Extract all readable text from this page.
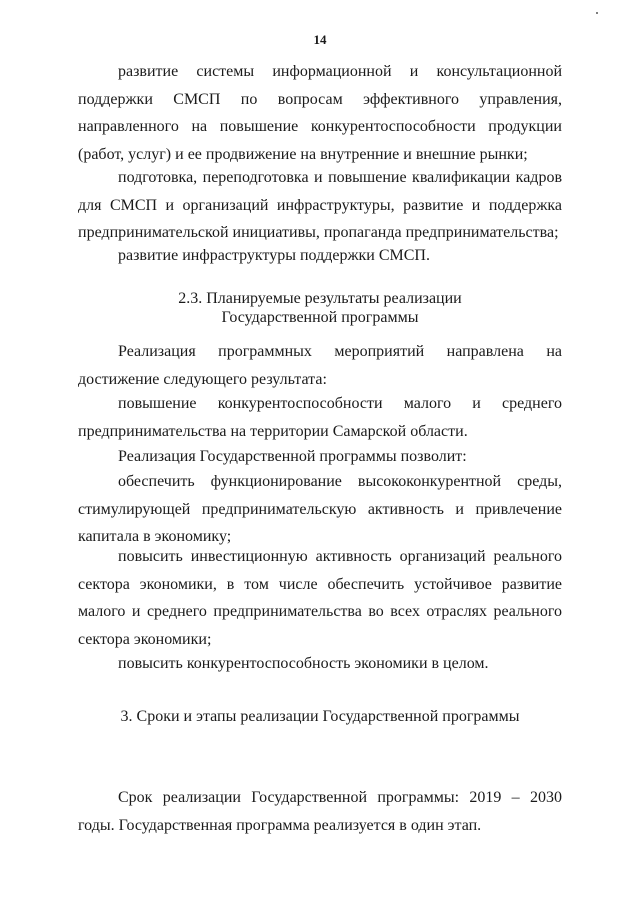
14

развитие системы информационной и консультационной поддержки СМСП по вопросам эффективного управления, направленного на повышение конкурентоспособности продукции (работ, услуг) и ее продвижение на внутренние и внешние рынки;

подготовка, переподготовка и повышение квалификации кадров для СМСП и организаций инфраструктуры, развитие и поддержка предпринимательской инициативы, пропаганда предпринимательства;

развитие инфраструктуры поддержки СМСП.

2.3. Планируемые результаты реализации

Государственной программы

Реализация программных мероприятий направлена на достижение следующего результата:

повышение конкурентоспособности малого и среднего предпринимательства на территории Самарской области.

Реализация Государственной программы позволит:

обеспечить функционирование высококонкурентной среды, стимулирующей предпринимательскую активность и привлечение капитала в экономику;

повысить инвестиционную активность организаций реального сектора экономики, в том числе обеспечить устойчивое развитие малого и среднего предпринимательства во всех отраслях реального сектора экономики;

повысить конкурентоспособность экономики в целом.

3. Сроки и этапы реализации Государственной программы

Срок реализации Государственной программы: 2019 – 2030 годы. Государственная программа реализуется в один этап.
